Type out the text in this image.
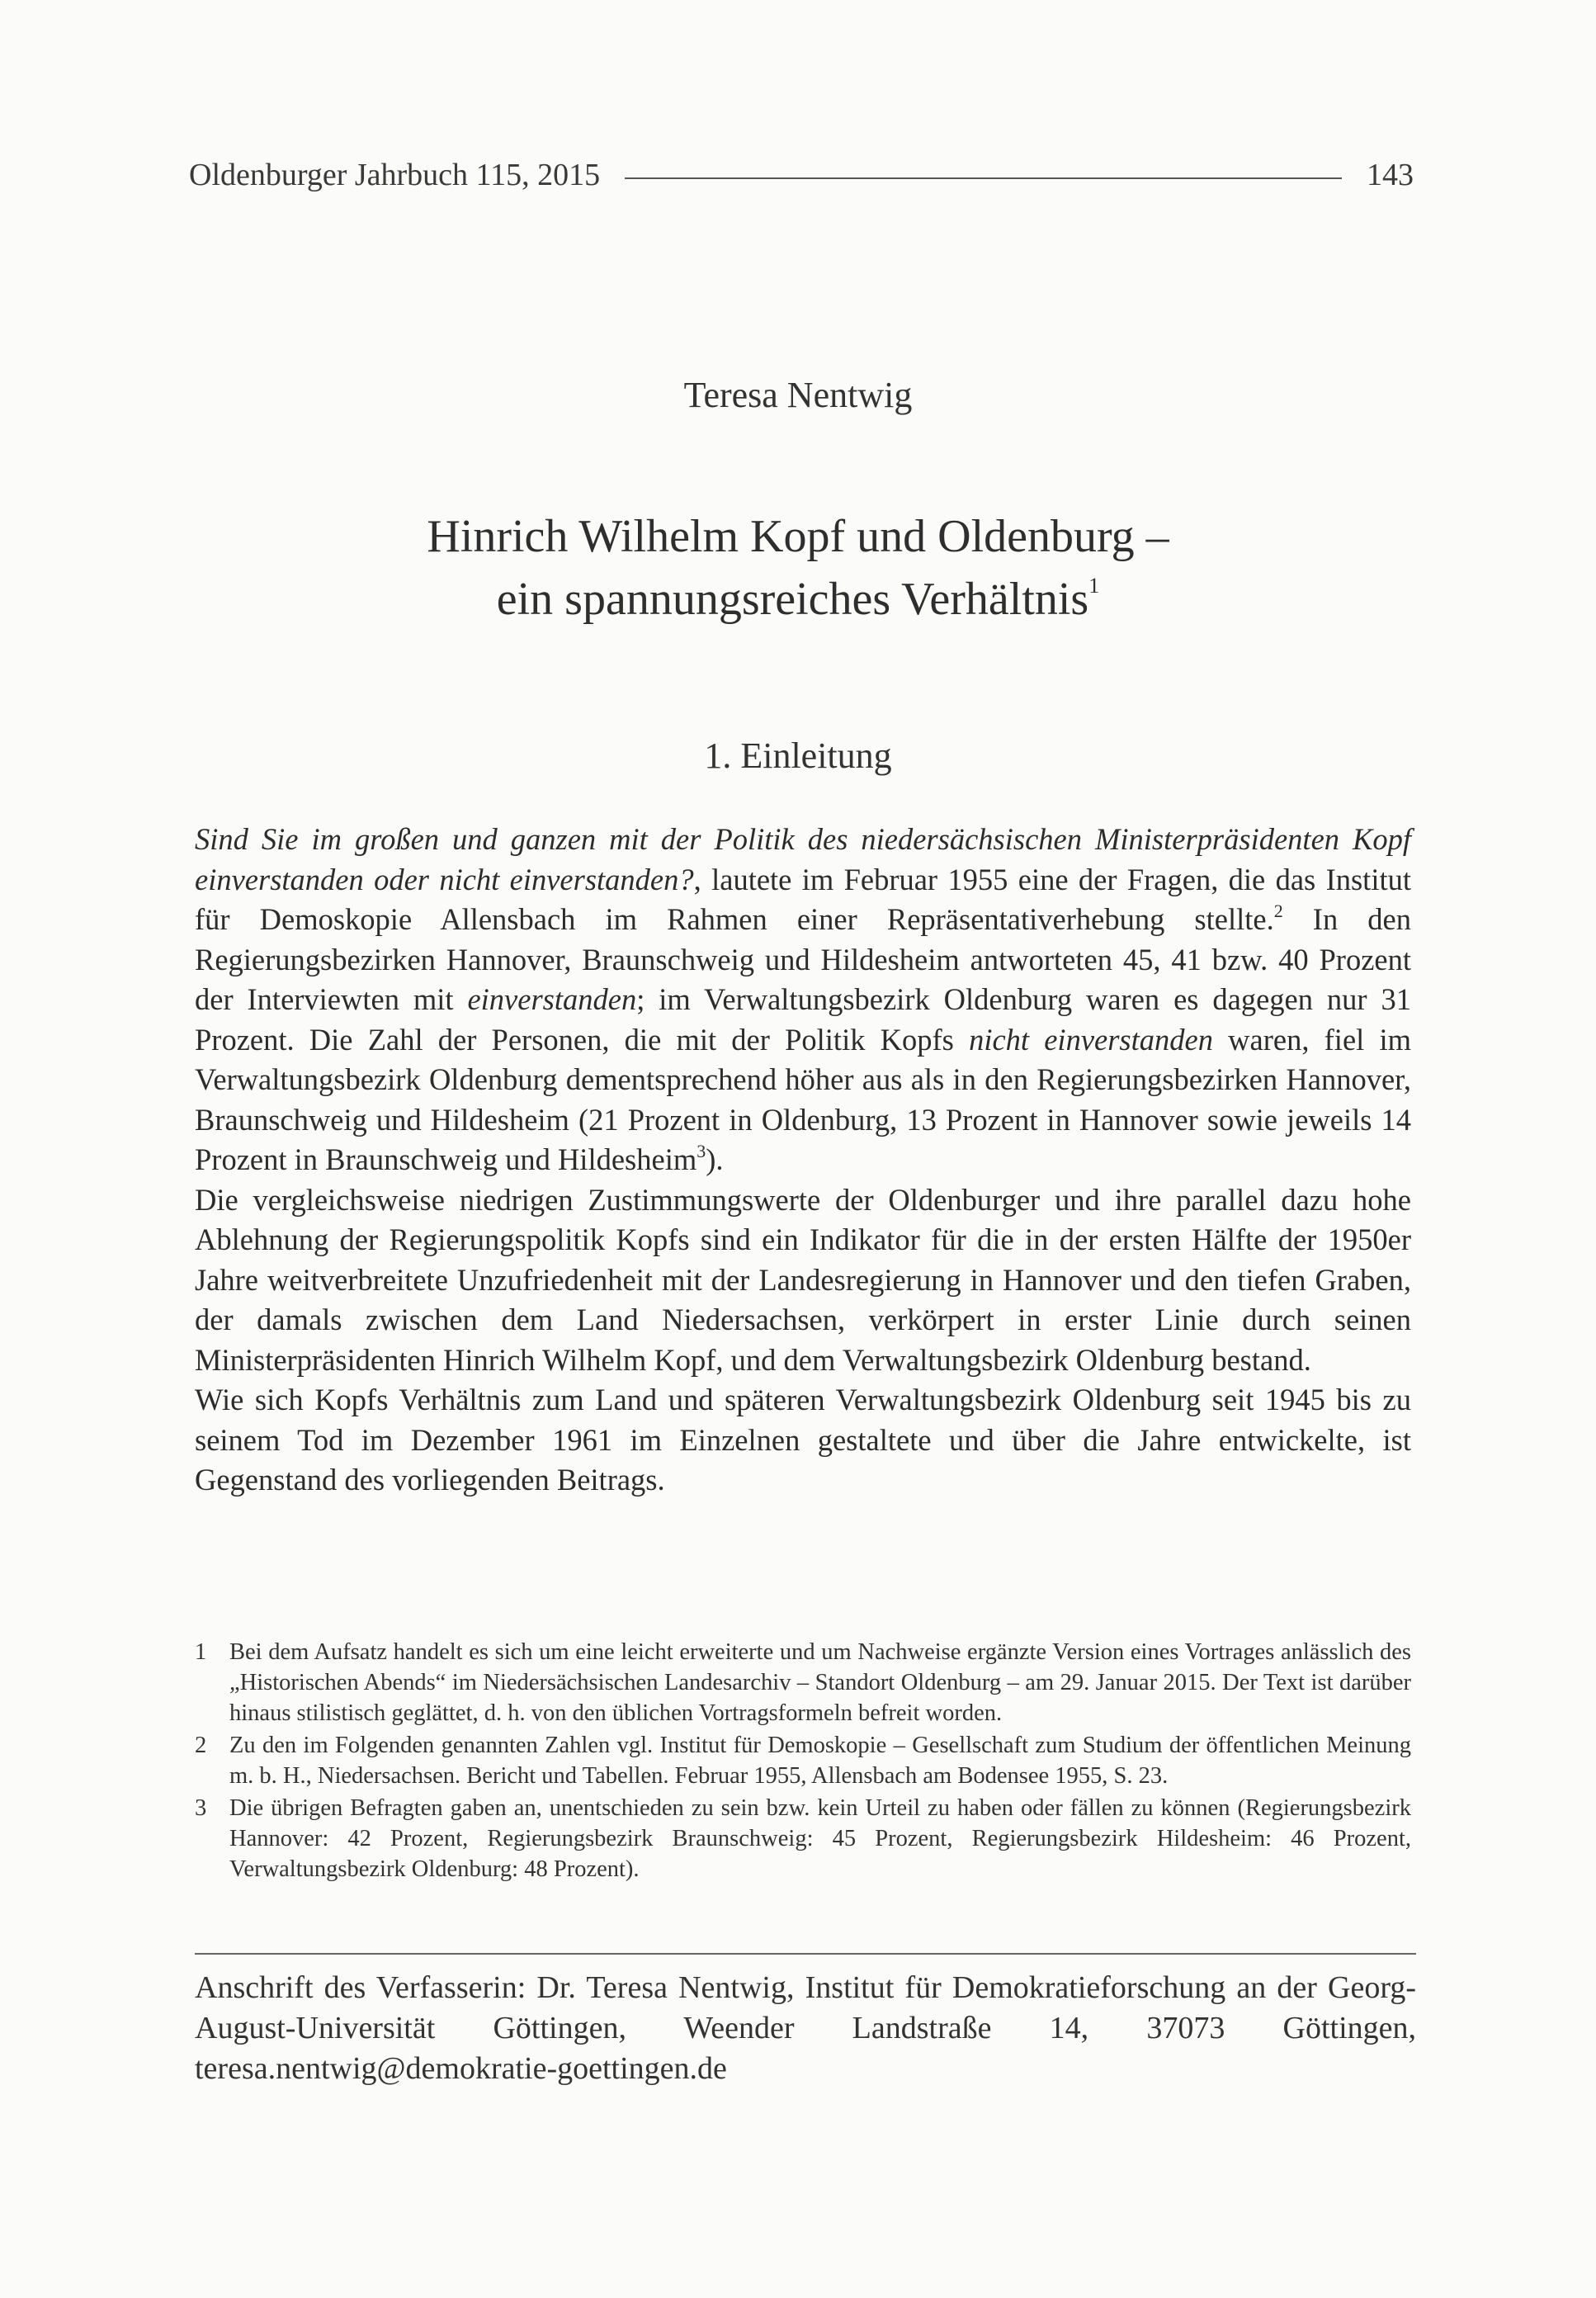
Oldenburger Jahrbuch 115, 2015	143
Teresa Nentwig
Hinrich Wilhelm Kopf und Oldenburg –
ein spannungsreiches Verhältnis$^1$
1. Einleitung

Sind Sie im großen und ganzen mit der Politik des niedersächsischen Ministerpräsidenten Kopf einverstanden oder nicht einverstanden?, lautete im Februar 1955 eine der Fragen, die das Institut für Demoskopie Allensbach im Rahmen einer Repräsentativerhebung stellte.$^2$ In den Regierungsbezirken Hannover, Braunschweig und Hildesheim antworteten 45, 41 bzw. 40 Prozent der Interviewten mit einverstanden; im Verwaltungsbezirk Oldenburg waren es dagegen nur 31 Prozent. Die Zahl der Personen, die mit der Politik Kopfs nicht einverstanden waren, fiel im Verwaltungsbezirk Oldenburg dementsprechend höher aus als in den Regierungsbezirken Hannover, Braunschweig und Hildesheim (21 Prozent in Oldenburg, 13 Prozent in Hannover sowie jeweils 14 Prozent in Braunschweig und Hildesheim$^3$).

Die vergleichsweise niedrigen Zustimmungswerte der Oldenburger und ihre parallel dazu hohe Ablehnung der Regierungspolitik Kopfs sind ein Indikator für die in der ersten Hälfte der 1950er Jahre weitverbreitete Unzufriedenheit mit der Landesregierung in Hannover und den tiefen Graben, der damals zwischen dem Land Niedersachsen, verkörpert in erster Linie durch seinen Ministerpräsidenten Hinrich Wilhelm Kopf, und dem Verwaltungsbezirk Oldenburg bestand.

Wie sich Kopfs Verhältnis zum Land und späteren Verwaltungsbezirk Oldenburg seit 1945 bis zu seinem Tod im Dezember 1961 im Einzelnen gestaltete und über die Jahre entwickelte, ist Gegenstand des vorliegenden Beitrags.

1 Bei dem Aufsatz handelt es sich um eine leicht erweiterte und um Nachweise ergänzte Version eines Vortrages anlässlich des „Historischen Abends“ im Niedersächsischen Landesarchiv – Standort Oldenburg – am 29. Januar 2015. Der Text ist darüber hinaus stilistisch geglättet, d. h. von den üblichen Vortragsformeln befreit worden.
2 Zu den im Folgenden genannten Zahlen vgl. Institut für Demoskopie – Gesellschaft zum Studium der öffentlichen Meinung m. b. H., Niedersachsen. Bericht und Tabellen. Februar 1955, Allensbach am Bodensee 1955, S. 23.
3 Die übrigen Befragten gaben an, unentschieden zu sein bzw. kein Urteil zu haben oder fällen zu können (Regierungsbezirk Hannover: 42 Prozent, Regierungsbezirk Braunschweig: 45 Prozent, Regierungsbezirk Hildesheim: 46 Prozent, Verwaltungsbezirk Oldenburg: 48 Prozent).
Anschrift des Verfasserin: Dr. Teresa Nentwig, Institut für Demokratieforschung an der Georg-August-Universität Göttingen, Weender Landstraße 14, 37073 Göttingen, teresa.nentwig@demokratie-goettingen.de
